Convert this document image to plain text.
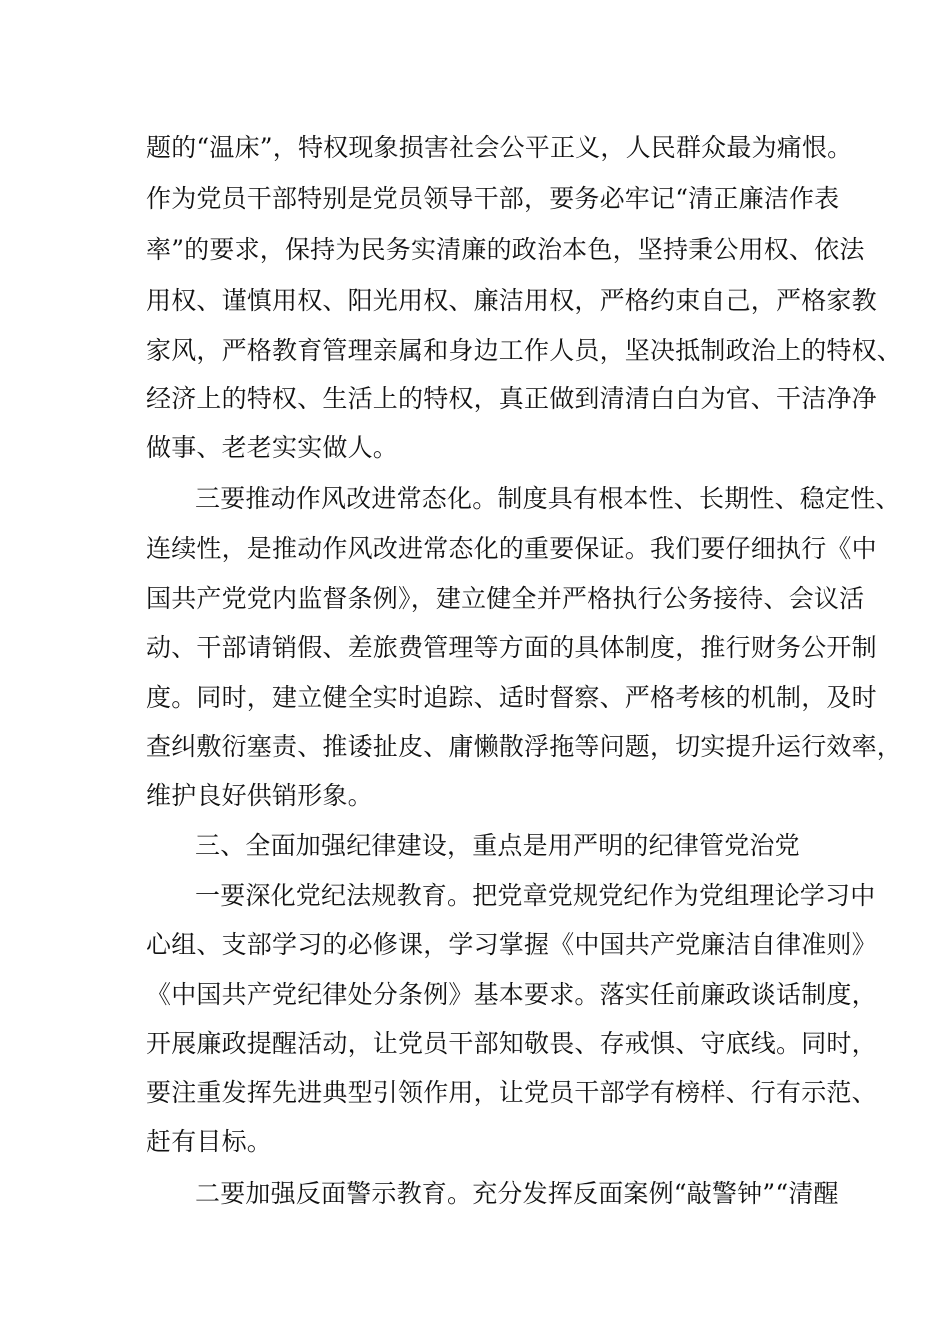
题的“温床”，特权现象损害社会公平正义，人民群众最为痛恨。
作为党员干部特别是党员领导干部，要务必牢记“清正廉洁作表
率”的要求，保持为民务实清廉的政治本色，坚持秉公用权、依法
用权、谨慎用权、阳光用权、廉洁用权，严格约束自己，严格家教
家风，严格教育管理亲属和身边工作人员，坚决抵制政治上的特权、
经济上的特权、生活上的特权，真正做到清清白白为官、干洁净净
做事、老老实实做人。
三要推动作风改进常态化。制度具有根本性、长期性、稳定性、
连续性，是推动作风改进常态化的重要保证。我们要仔细执行《中
国共产党党内监督条例》，建立健全并严格执行公务接待、会议活
动、干部请销假、差旅费管理等方面的具体制度，推行财务公开制
度。同时，建立健全实时追踪、适时督察、严格考核的机制，及时
查纠敷衍塞责、推诿扯皮、庸懒散浮拖等问题，切实提升运行效率，
维护良好供销形象。
三、全面加强纪律建设，重点是用严明的纪律管党治党
一要深化党纪法规教育。把党章党规党纪作为党组理论学习中
心组、支部学习的必修课，学习掌握《中国共产党廉洁自律准则》
《中国共产党纪律处分条例》基本要求。落实任前廉政谈话制度，
开展廉政提醒活动，让党员干部知敬畏、存戒惧、守底线。同时，
要注重发挥先进典型引领作用，让党员干部学有榜样、行有示范、
赶有目标。
二要加强反面警示教育。充分发挥反面案例“敲警钟”“清醒
